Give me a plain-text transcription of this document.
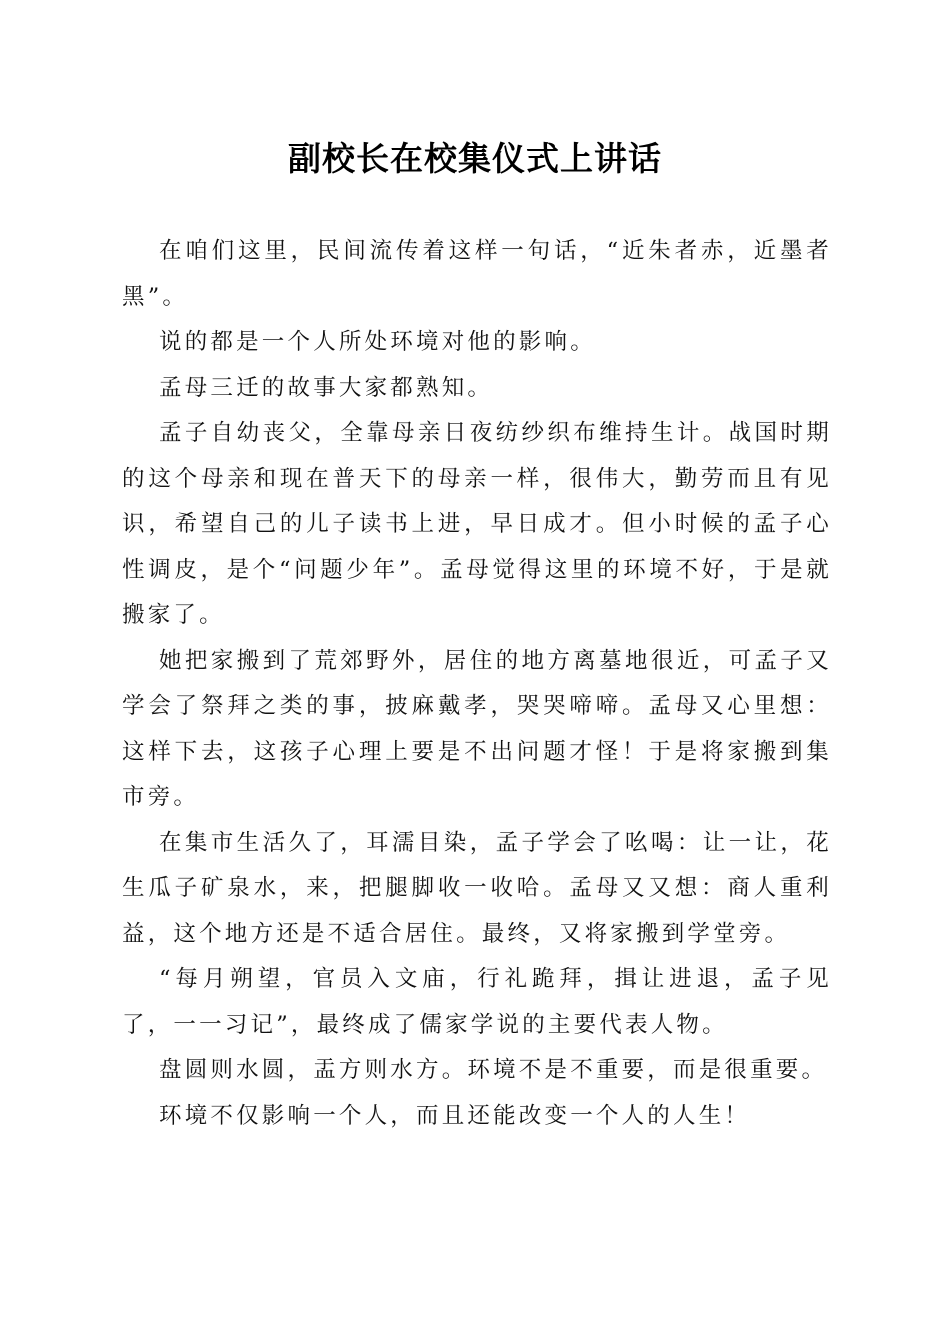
副校长在校集仪式上讲话

在咱们这里，民间流传着这样一句话，“近朱者赤，近墨者黑”。

说的都是一个人所处环境对他的影响。

孟母三迁的故事大家都熟知。

孟子自幼丧父，全靠母亲日夜纺纱织布维持生计。战国时期的这个母亲和现在普天下的母亲一样，很伟大，勤劳而且有见识，希望自己的儿子读书上进，早日成才。但小时候的孟子心性调皮，是个“问题少年”。孟母觉得这里的环境不好，于是就搬家了。

她把家搬到了荒郊野外，居住的地方离墓地很近，可孟子又学会了祭拜之类的事，披麻戴孝，哭哭啼啼。孟母又心里想：这样下去，这孩子心理上要是不出问题才怪！于是将家搬到集市旁。

在集市生活久了，耳濡目染，孟子学会了吆喝：让一让，花生瓜子矿泉水，来，把腿脚收一收哈。孟母又又想：商人重利益，这个地方还是不适合居住。最终，又将家搬到学堂旁。

“每月朔望，官员入文庙，行礼跪拜，揖让进退，孟子见了，一一习记”，最终成了儒家学说的主要代表人物。

盘圆则水圆，盂方则水方。环境不是不重要，而是很重要。

环境不仅影响一个人，而且还能改变一个人的人生！
